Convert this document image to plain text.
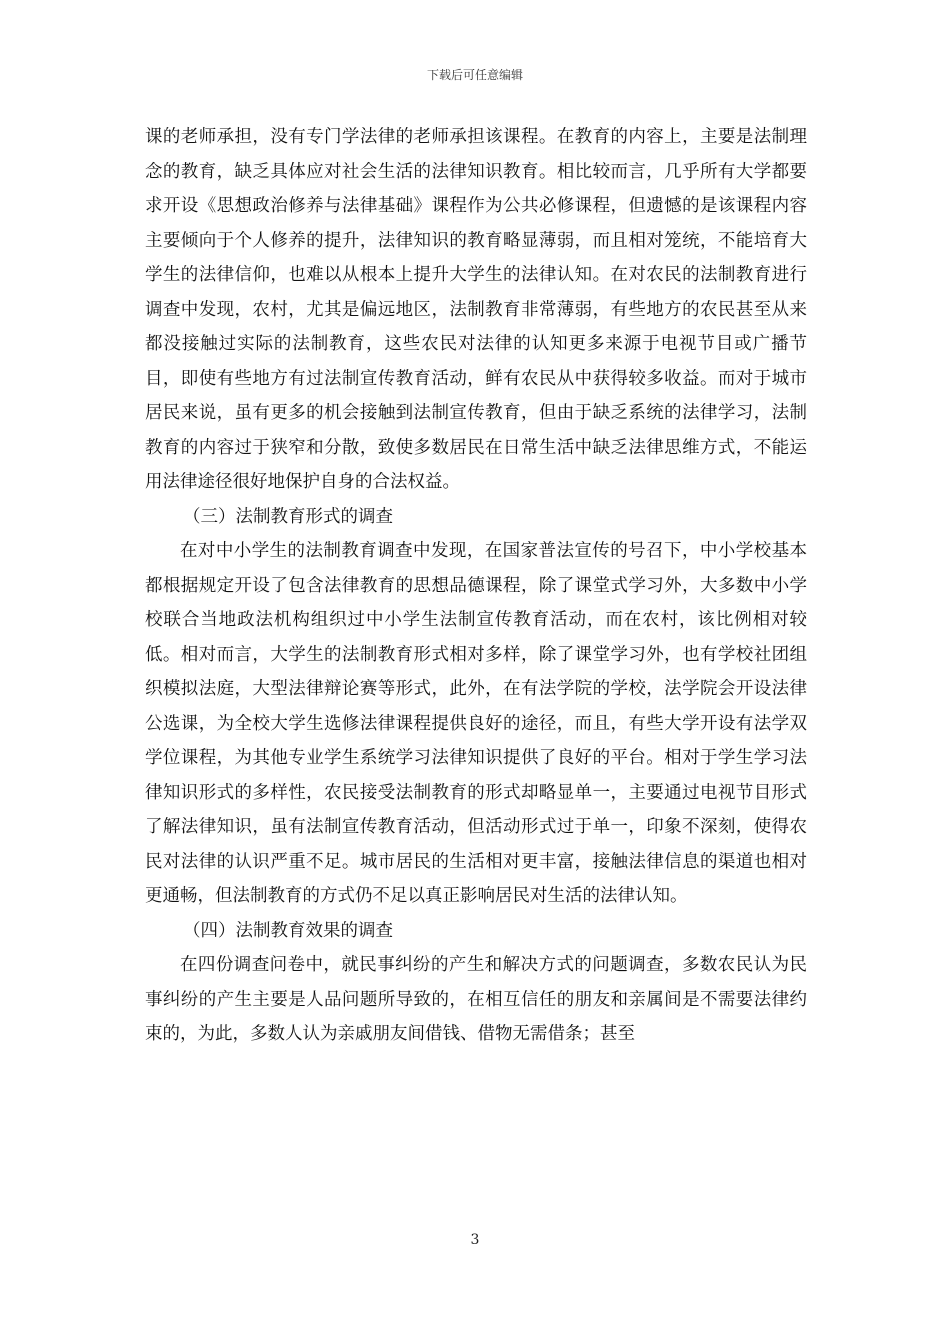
下载后可任意编辑

课的老师承担，没有专门学法律的老师承担该课程。在教育的内容上，主要是法制理念的教育，缺乏具体应对社会生活的法律知识教育。相比较而言，几乎所有大学都要求开设《思想政治修养与法律基础》课程作为公共必修课程，但遗憾的是该课程内容主要倾向于个人修养的提升，法律知识的教育略显薄弱，而且相对笼统，不能培育大学生的法律信仰，也难以从根本上提升大学生的法律认知。在对农民的法制教育进行调查中发现，农村，尤其是偏远地区，法制教育非常薄弱，有些地方的农民甚至从来都没接触过实际的法制教育，这些农民对法律的认知更多来源于电视节目或广播节目，即使有些地方有过法制宣传教育活动，鲜有农民从中获得较多收益。而对于城市居民来说，虽有更多的机会接触到法制宣传教育，但由于缺乏系统的法律学习，法制教育的内容过于狭窄和分散，致使多数居民在日常生活中缺乏法律思维方式，不能运用法律途径很好地保护自身的合法权益。

（三）法制教育形式的调查

在对中小学生的法制教育调查中发现，在国家普法宣传的号召下，中小学校基本都根据规定开设了包含法律教育的思想品德课程，除了课堂式学习外，大多数中小学校联合当地政法机构组织过中小学生法制宣传教育活动，而在农村，该比例相对较低。相对而言，大学生的法制教育形式相对多样，除了课堂学习外，也有学校社团组织模拟法庭，大型法律辩论赛等形式，此外，在有法学院的学校，法学院会开设法律公选课，为全校大学生选修法律课程提供良好的途径，而且，有些大学开设有法学双学位课程，为其他专业学生系统学习法律知识提供了良好的平台。相对于学生学习法律知识形式的多样性，农民接受法制教育的形式却略显单一，主要通过电视节目形式了解法律知识，虽有法制宣传教育活动，但活动形式过于单一，印象不深刻，使得农民对法律的认识严重不足。城市居民的生活相对更丰富，接触法律信息的渠道也相对更通畅，但法制教育的方式仍不足以真正影响居民对生活的法律认知。

（四）法制教育效果的调查

在四份调查问卷中，就民事纠纷的产生和解决方式的问题调查，多数农民认为民事纠纷的产生主要是人品问题所导致的，在相互信任的朋友和亲属间是不需要法律约束的，为此，多数人认为亲戚朋友间借钱、借物无需借条；甚至

3
